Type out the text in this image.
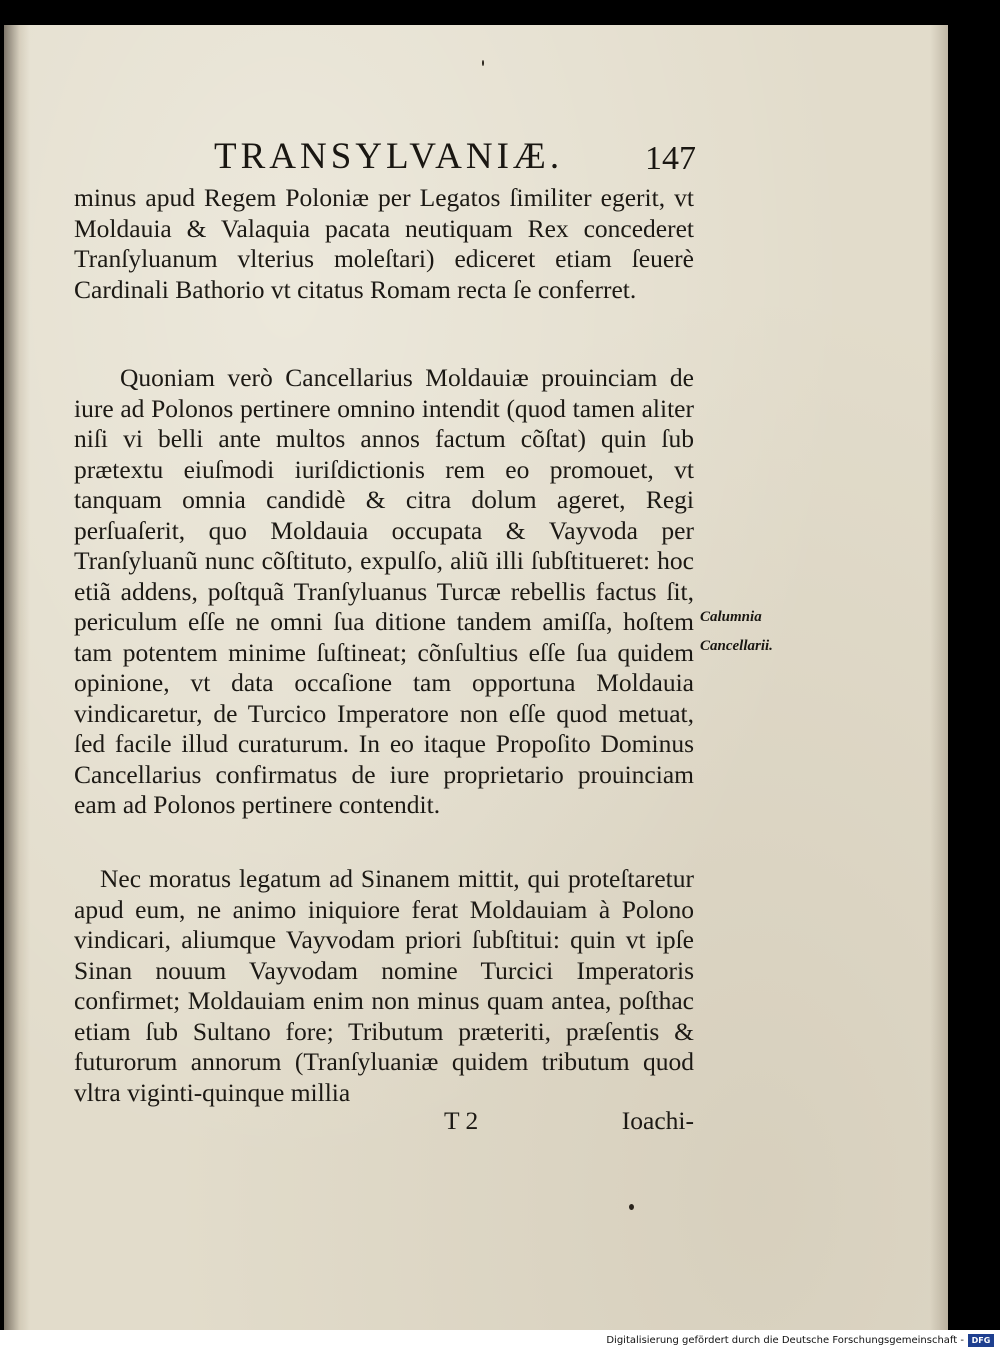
TRANSYLVANIÆ. 147

minus apud Regem Poloniæ per Legatos ſimiliter egerit, vt Moldauia & Valaquia pacata neutiquam Rex concederet Tranſyluanum vlterius moleſtari) ediceret etiam ſeuerè Cardinali Bathorio vt citatus Romam recta ſe conferret.

Quoniam verò Cancellarius Moldauiæ prouinciam de iure ad Polonos pertinere omnino intendit (quod tamen aliter niſi vi belli ante multos annos factum cõſtat) quin ſub prætextu eiuſmodi iuriſdictionis rem eo promouet, vt tanquam omnia candidè & citra dolum ageret, Regi perſuaſerit, quo Moldauia occupata & Vayvoda per Tranſyluanũ nunc cõſtituto, expulſo, aliũ illi ſubſtitueret: hoc etiã addens, poſtquã Tranſyluanus Turcæ rebellis factus ſit, periculum eſſe ne omni ſua ditione tandem amiſſa, hoſtem tam potentem minime ſuſtineat; cõnſultius eſſe ſua quidem opinione, vt data occaſione tam opportuna Moldauia vindicaretur, de Turcico Imperatore non eſſe quod metuat, ſed facile illud curaturum. In eo itaque Propoſito Dominus Cancellarius confirmatus de iure proprietario prouinciam eam ad Polonos pertinere contendit.

Nec moratus legatum ad Sinanem mittit, qui proteſtaretur apud eum, ne animo iniquiore ferat Moldauiam à Polono vindicari, aliumque Vayvodam priori ſubſtitui: quin vt ipſe Sinan nouum Vayvodam nomine Turcici Imperatoris confirmet; Moldauiam enim non minus quam antea, poſthac etiam ſub Sultano fore; Tributum præteriti, præſentis & futurorum annorum (Tranſyluaniæ quidem tributum quod vltra viginti-quinque millia

T 2	Ioachi-
Calumnia
Cancellarii.
Digitalisierung gefördert durch die Deutsche Forschungsgemeinschaft - DFG
